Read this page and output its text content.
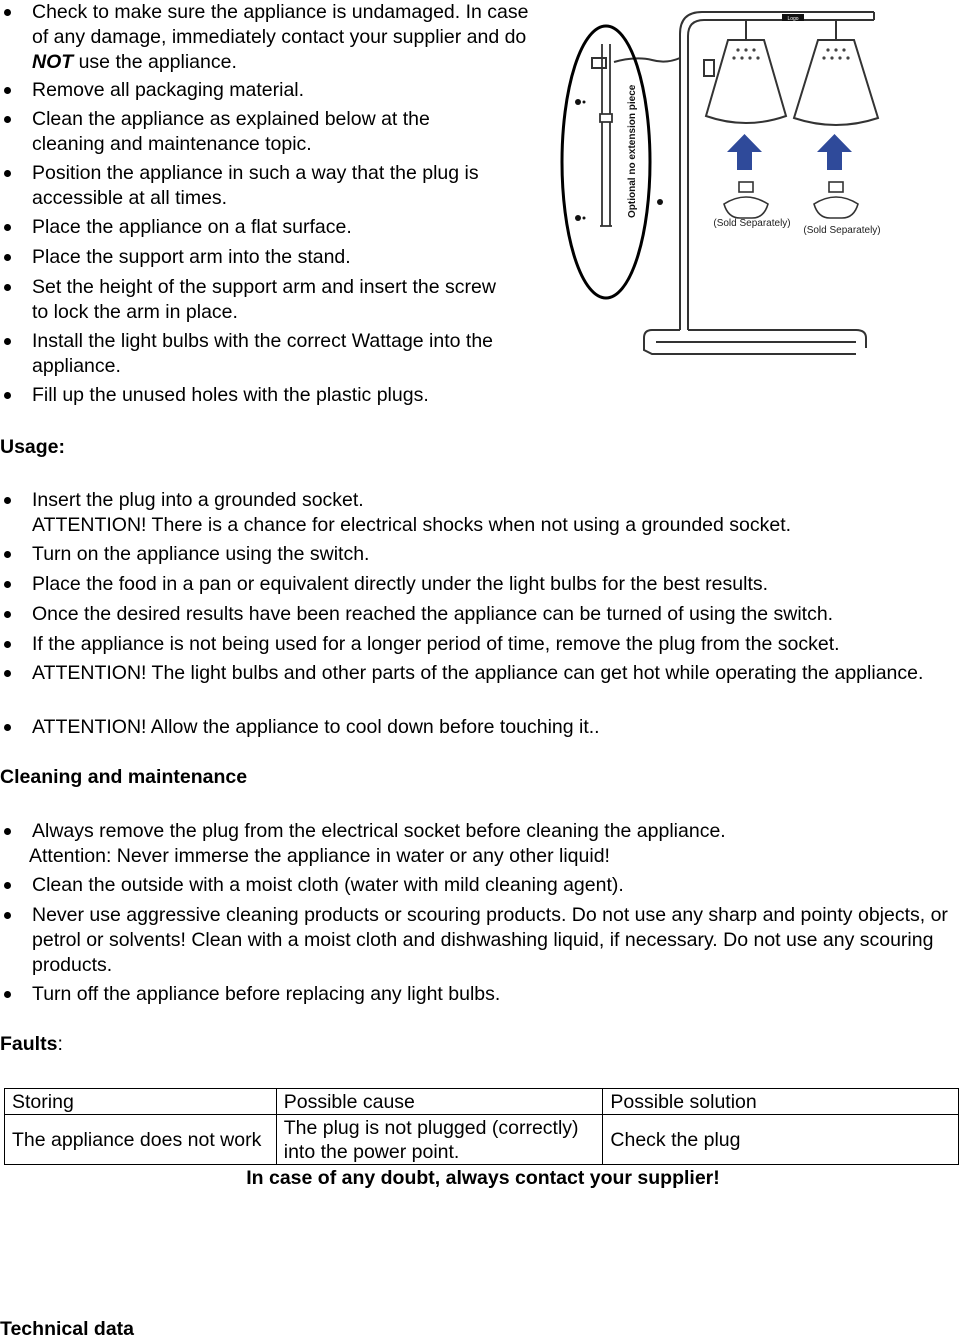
Check to make sure the appliance is undamaged. In case of any damage, immediately contact your supplier and do NOT use the appliance.
Remove all packaging material.
Clean the appliance as explained below at the cleaning and maintenance topic.
Position the appliance in such a way that the plug is accessible at all times.
Place the appliance on a flat surface.
Place the support arm into the stand.
Set the height of the support arm and insert the screw to lock the arm in place.
Install the light bulbs with the correct Wattage into the appliance.
Fill up the unused holes with the plastic plugs.
Logo
(Sold Separately)
(Sold Separately)
Optional no extension piece
Usage:
Insert the plug into a grounded socket.
ATTENTION! There is a chance for electrical shocks when not using a grounded socket.
Turn on the appliance using the switch.
Place the food in a pan or equivalent directly under the light bulbs for the best results.
Once the desired results have been reached the appliance can be turned of using the switch.
If the appliance is not being used for a longer period of time, remove the plug from the socket.
ATTENTION! The light bulbs and other parts of the appliance can get hot while operating the appliance.
ATTENTION! Allow the appliance to cool down before touching it..
Cleaning and maintenance
Always remove the plug from the electrical socket before cleaning the appliance.
Attention: Never immerse the appliance in water or any other liquid!
Clean the outside with a moist cloth (water with mild cleaning agent).
Never use aggressive cleaning products or scouring products. Do not use any sharp and pointy objects, or petrol or solvents! Clean with a moist cloth and dishwashing liquid, if necessary. Do not use any scouring products.
Turn off the appliance before replacing any light bulbs.
Faults:
Storing	Possible cause	Possible solution
The appliance does not work	The plug is not plugged (correctly) into the power point.	Check the plug
In case of any doubt, always contact your supplier!
Technical data
